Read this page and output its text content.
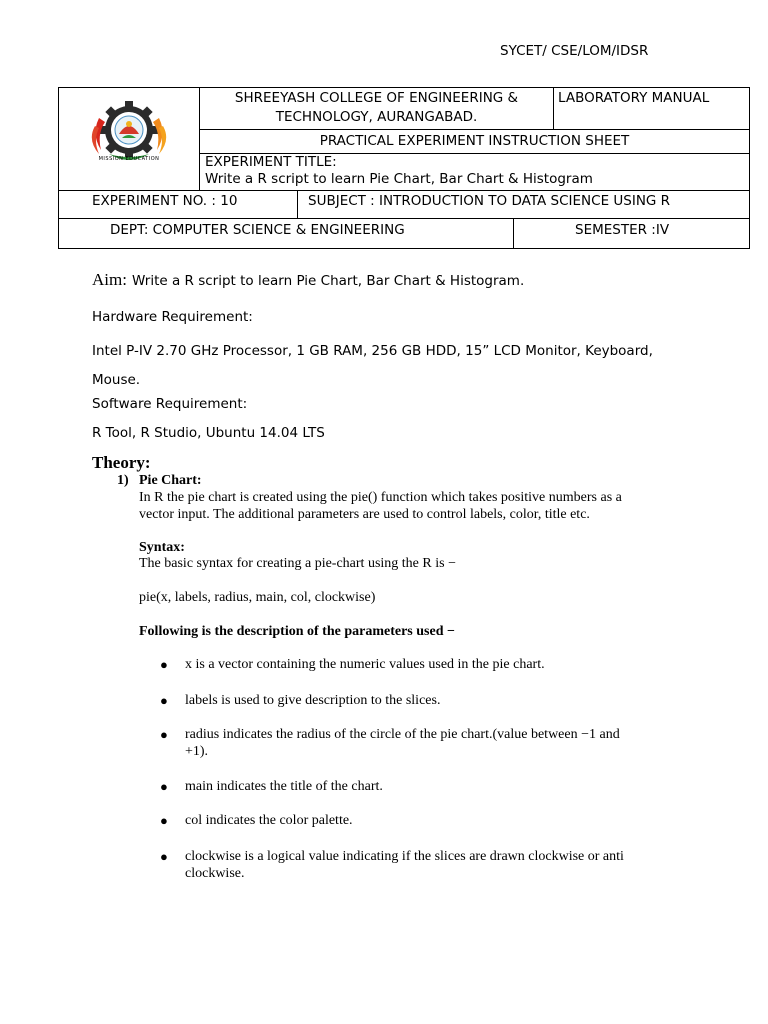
SYCET/ CSE/LOM/IDSR
MISSION EDUCATION
SHREEYASH COLLEGE OF ENGINEERING &
TECHNOLOGY, AURANGABAD.
LABORATORY MANUAL
PRACTICAL EXPERIMENT INSTRUCTION SHEET
EXPERIMENT TITLE:
Write a R script to learn Pie Chart, Bar Chart & Histogram
EXPERIMENT NO. : 10	SUBJECT : INTRODUCTION TO DATA SCIENCE USING R
DEPT: COMPUTER SCIENCE & ENGINEERING	SEMESTER :IV
Aim: Write a R script to learn Pie Chart, Bar Chart & Histogram.
Hardware Requirement:
Intel P-IV 2.70 GHz Processor, 1 GB RAM, 256 GB HDD, 15” LCD Monitor, Keyboard,
Mouse.
Software Requirement:
R Tool, R Studio, Ubuntu 14.04 LTS
Theory:
1) Pie Chart:
In R the pie chart is created using the pie() function which takes positive numbers as a
vector input. The additional parameters are used to control labels, color, title etc.
Syntax:
The basic syntax for creating a pie-chart using the R is −
pie(x, labels, radius, main, col, clockwise)
Following is the description of the parameters used −
● x is a vector containing the numeric values used in the pie chart.
● labels is used to give description to the slices.
● radius indicates the radius of the circle of the pie chart.(value between −1 and
+1).
● main indicates the title of the chart.
● col indicates the color palette.
● clockwise is a logical value indicating if the slices are drawn clockwise or anti
clockwise.
